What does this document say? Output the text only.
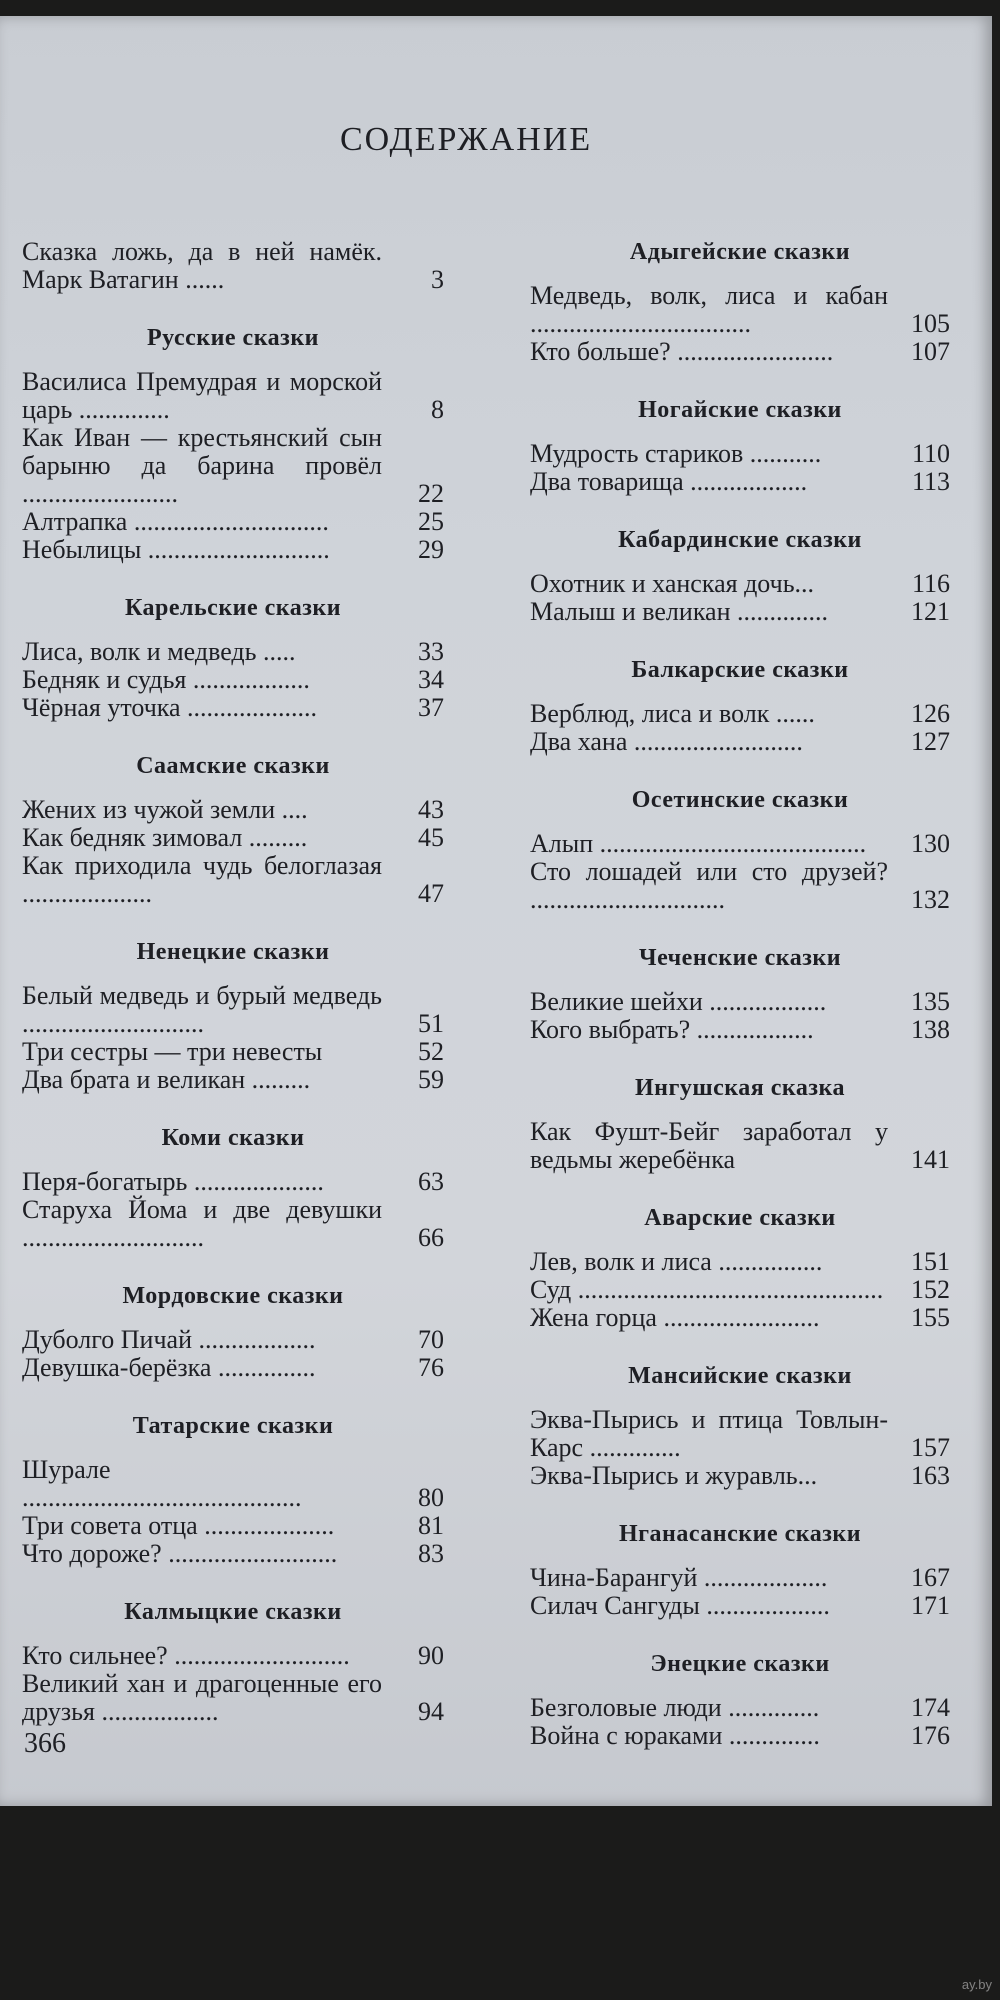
СОДЕРЖАНИЕ
Сказка ложь, да в ней намёк. Марк Ватагин ......	3
Русские сказки
Василиса Премудрая и морской царь ..............	8
Как Иван — крестьянский сын барыню да барина провёл ........................	22
Алтрапка ..............................	25
Небылицы ............................	29
Карельские сказки
Лиса, волк и медведь .....	33
Бедняк и судья ..................	34
Чёрная уточка ....................	37
Саамские сказки
Жених из чужой земли ....	43
Как бедняк зимовал .........	45
Как приходила чудь белоглазая ....................	47
Ненецкие сказки
Белый медведь и бурый медведь ............................	51
Три сестры — три невесты	52
Два брата и великан .........	59
Коми сказки
Перя-богатырь ....................	63
Старуха Йома и две девушки ............................	66
Мордовские сказки
Дуболго Пичай ..................	70
Девушка-берёзка ...............	76
Татарские сказки
Шурале ...........................................	80
Три совета отца ....................	81
Что дороже? ..........................	83
Калмыцкие сказки
Кто сильнее? ...........................	90
Великий хан и драгоценные его друзья ..................	94
Адыгейские сказки
Медведь, волк, лиса и кабан ..................................	105
Кто больше? ........................	107
Ногайские сказки
Мудрость стариков ...........	110
Два товарища ..................	113
Кабардинские сказки
Охотник и ханская дочь...	116
Малыш и великан ..............	121
Балкарские сказки
Верблюд, лиса и волк ......	126
Два хана ..........................	127
Осетинские сказки
Алып .........................................	130
Сто лошадей или сто друзей? ..............................	132
Чеченские сказки
Великие шейхи ..................	135
Кого выбрать? ..................	138
Ингушская сказка
Как Фушт-Бейг заработал у ведьмы жеребёнка	141
Аварские сказки
Лев, волк и лиса ................	151
Суд ...............................................	152
Жена горца ........................	155
Мансийские сказки
Эква-Пырись и птица Товлын-Карс ..............	157
Эква-Пырись и журавль...	163
Нганасанские сказки
Чина-Барангуй ...................	167
Силач Сангуды ...................	171
Энецкие сказки
Безголовые люди ..............	174
Война с юраками ..............	176
366
ay.by
